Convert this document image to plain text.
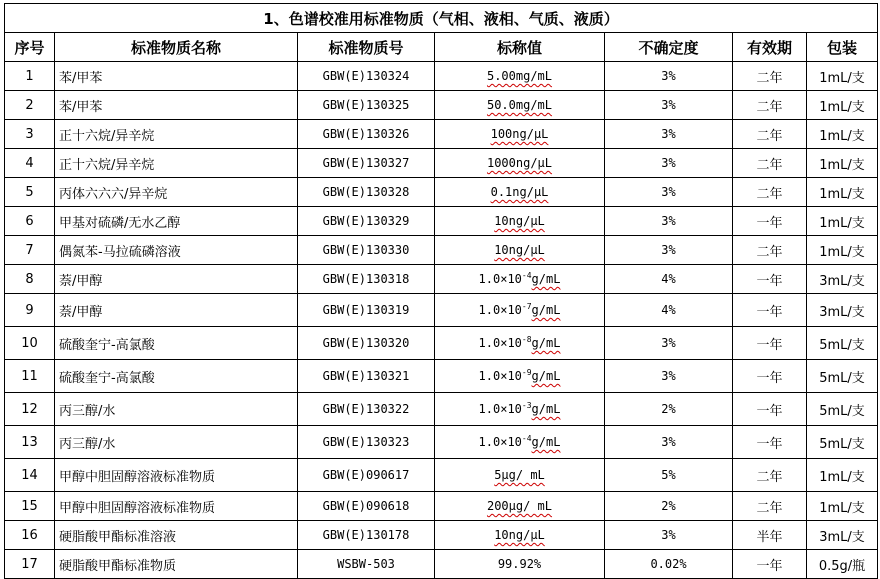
1、色谱校准用标准物质（气相、液相、气质、液质）						
序号	标准物质名称	标准物质号	标称值	不确定度	有效期	包装
1	苯/甲苯	GBW(E)130324	5.00mg/mL	3%	二年	1mL/支
2	苯/甲苯	GBW(E)130325	50.0mg/mL	3%	二年	1mL/支
3	正十六烷/异辛烷	GBW(E)130326	100ng/μL	3%	二年	1mL/支
4	正十六烷/异辛烷	GBW(E)130327	1000ng/μL	3%	二年	1mL/支
5	丙体六六六/异辛烷	GBW(E)130328	0.1ng/μL	3%	二年	1mL/支
6	甲基对硫磷/无水乙醇	GBW(E)130329	10ng/μL	3%	一年	1mL/支
7	偶氮苯-马拉硫磷溶液	GBW(E)130330	10ng/μL	3%	二年	1mL/支
8	萘/甲醇	GBW(E)130318	$1.0\times 10^{-4}g/mL$	4%	一年	3mL/支
9	萘/甲醇	GBW(E)130319	$1.0\times 10^{-7}g/mL$	4%	一年	3mL/支
10	硫酸奎宁-高氯酸	GBW(E)130320	$1.0\times 10^{-8}g/mL$	3%	一年	5mL/支
11	硫酸奎宁-高氯酸	GBW(E)130321	$1.0\times 10^{-9}g/mL$	3%	一年	5mL/支
12	丙三醇/水	GBW(E)130322	$1.0\times 10^{-3}g/mL$	2%	一年	5mL/支
13	丙三醇/水	GBW(E)130323	$1.0\times 10^{-4}g/mL$	3%	一年	5mL/支
14	甲醇中胆固醇溶液标准物质	GBW(E)090617	5μg/ mL	5%	二年	1mL/支
15	甲醇中胆固醇溶液标准物质	GBW(E)090618	200μg/ mL	2%	二年	1mL/支
16	硬脂酸甲酯标准溶液	GBW(E)130178	10ng/μL	3%	半年	3mL/支
17	硬脂酸甲酯标准物质	WSBW-503	99.92%	0.02%	一年	0.5g/瓶
